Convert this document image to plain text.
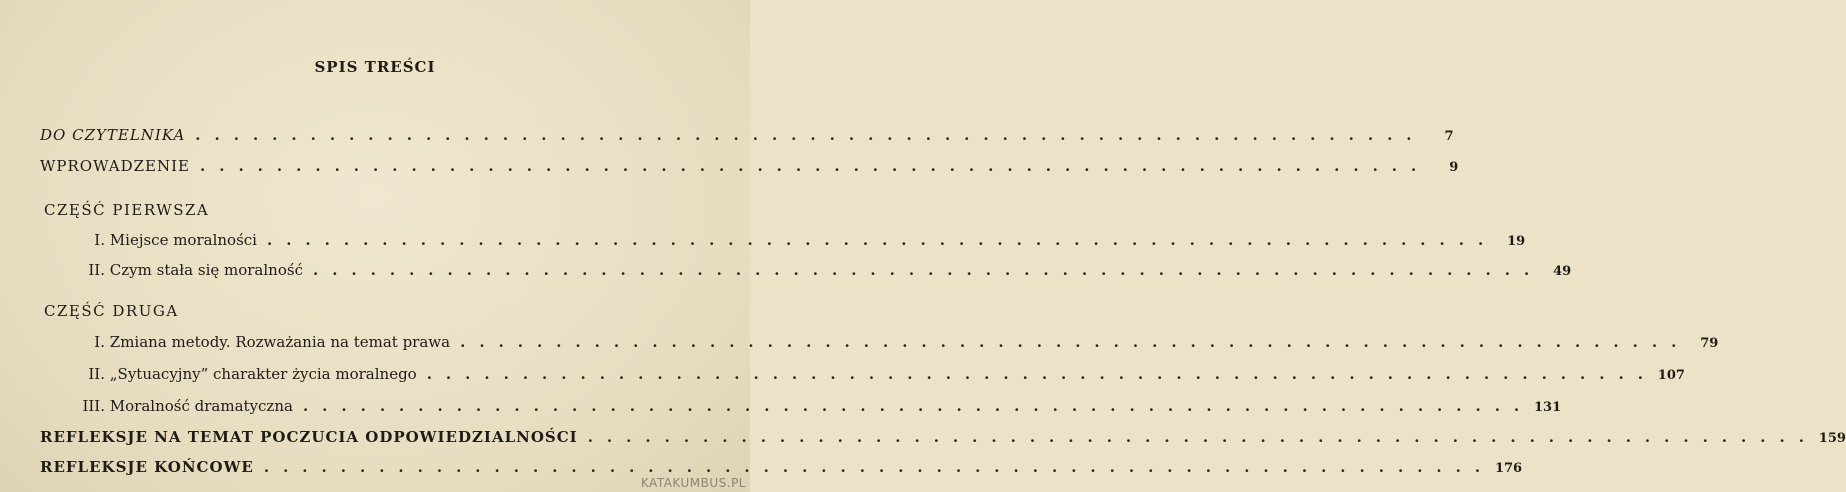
SPIS TREŚCI
DO CZYTELNIKA ................................................................	7
WPROWADZENIE ................................................................	9
CZĘŚĆ PIERWSZA
I. Miejsce moralności ................................................................ 19
II. Czym stała się moralność ................................................................ 49
CZĘŚĆ DRUGA
I. Zmiana metody. Rozważania na temat prawa ................................................................ 79
II. „Sytuacyjny” charakter życia moralnego ................................................................ 107
III. Moralność dramatyczna ................................................................ 131
REFLEKSJE NA TEMAT POCZUCIA ODPOWIEDZIALNOŚCI ................................................................ 159
REFLEKSJE KOŃCOWE ................................................................ 176
KATAKUMBUS.PL
